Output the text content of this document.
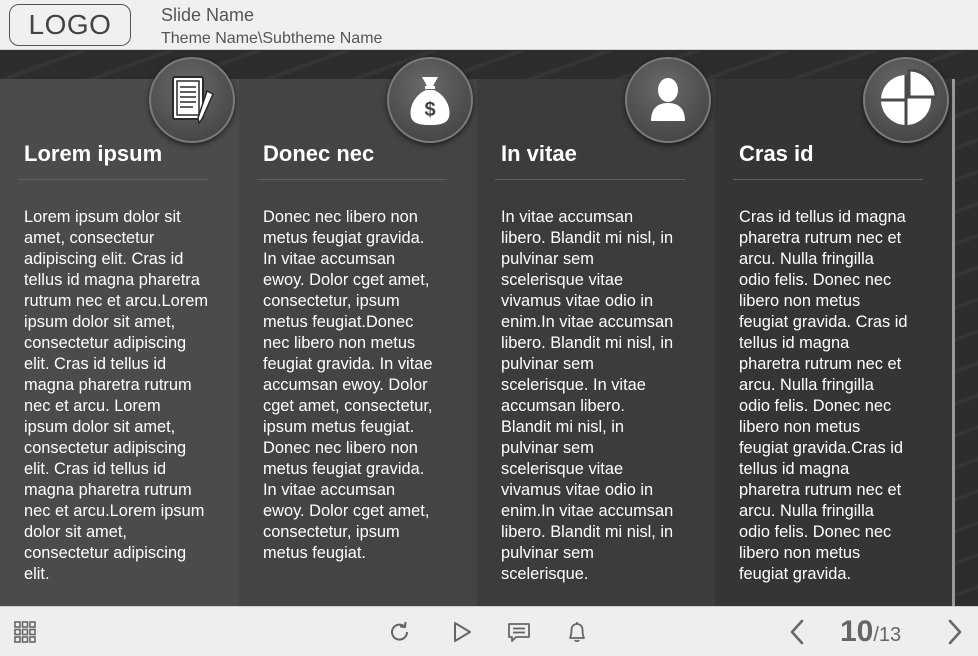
LOGO	Slide Name
Theme Name\Subtheme Name
Lorem ipsum
Lorem ipsum dolor sit
amet, consectetur
adipiscing elit. Cras id
tellus id magna pharetra
rutrum nec et arcu.Lorem
ipsum dolor sit amet,
consectetur adipiscing
elit. Cras id tellus id
magna pharetra rutrum
nec et arcu. Lorem
ipsum dolor sit amet,
consectetur adipiscing
elit. Cras id tellus id
magna pharetra rutrum
nec et arcu.Lorem ipsum
dolor sit amet,
consectetur adipiscing
elit.
Donec nec
Donec nec libero non
metus feugiat gravida.
In vitae accumsan
ewoy. Dolor cget amet,
consectetur, ipsum
metus feugiat.Donec
nec libero non metus
feugiat gravida. In vitae
accumsan ewoy. Dolor
cget amet, consectetur,
ipsum metus feugiat.
Donec nec libero non
metus feugiat gravida.
In vitae accumsan
ewoy. Dolor cget amet,
consectetur, ipsum
metus feugiat.
In vitae
In vitae accumsan
libero. Blandit mi nisl, in
pulvinar sem
scelerisque vitae
vivamus vitae odio in
enim.In vitae accumsan
libero. Blandit mi nisl, in
pulvinar sem
scelerisque. In vitae
accumsan libero.
Blandit mi nisl, in
pulvinar sem
scelerisque vitae
vivamus vitae odio in
enim.In vitae accumsan
libero. Blandit mi nisl, in
pulvinar sem
scelerisque.
Cras id
Cras id tellus id magna
pharetra rutrum nec et
arcu. Nulla fringilla
odio felis. Donec nec
libero non metus
feugiat gravida. Cras id
tellus id magna
pharetra rutrum nec et
arcu. Nulla fringilla
odio felis. Donec nec
libero non metus
feugiat gravida.Cras id
tellus id magna
pharetra rutrum nec et
arcu. Nulla fringilla
odio felis. Donec nec
libero non metus
feugiat gravida.
$
10/13
